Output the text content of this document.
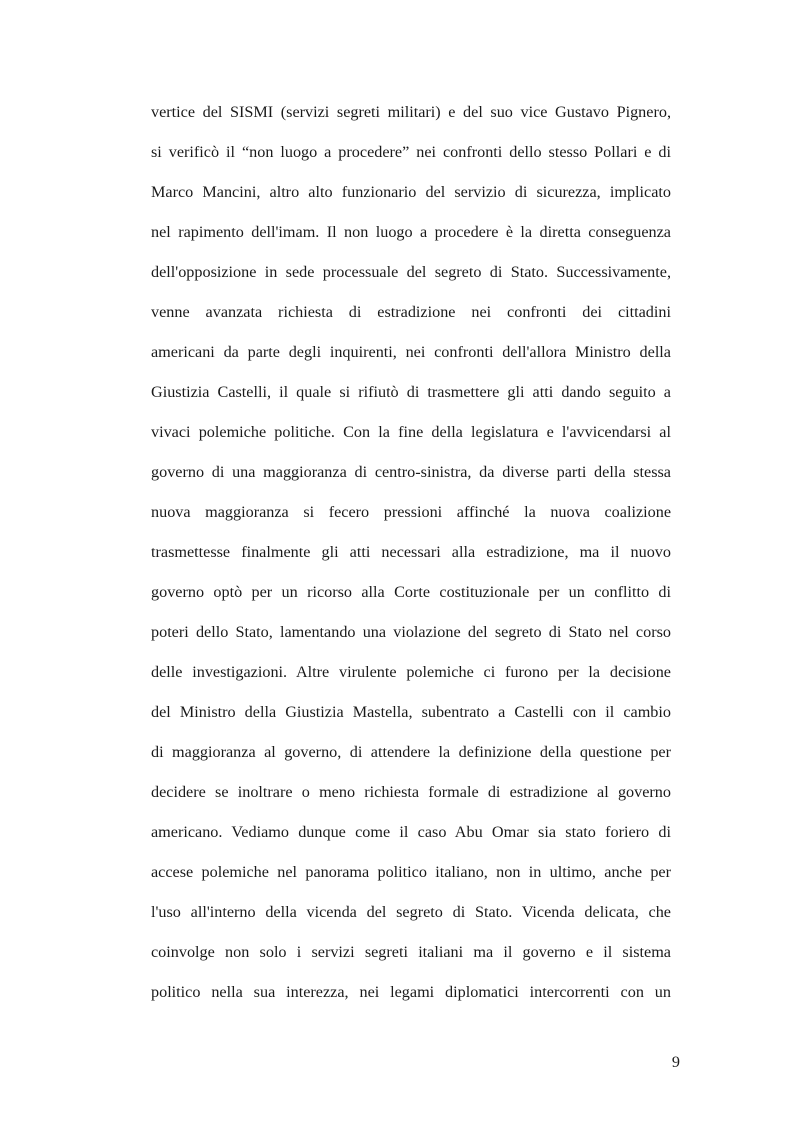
vertice del SISMI (servizi segreti militari) e del suo vice Gustavo Pignero,
si verificò il “non luogo a procedere” nei confronti dello stesso Pollari e di
Marco Mancini, altro alto funzionario del servizio di sicurezza, implicato
nel rapimento dell'imam. Il non luogo a procedere è la diretta conseguenza
dell'opposizione in sede processuale del segreto di Stato. Successivamente,
venne avanzata richiesta di estradizione nei confronti dei cittadini
americani da parte degli inquirenti, nei confronti dell'allora Ministro della
Giustizia Castelli, il quale si rifiutò di trasmettere gli atti dando seguito a
vivaci polemiche politiche. Con la fine della legislatura e l'avvicendarsi al
governo di una maggioranza di centro-sinistra, da diverse parti della stessa
nuova maggioranza si fecero pressioni affinché la nuova coalizione
trasmettesse finalmente gli atti necessari alla estradizione, ma il nuovo
governo optò per un ricorso alla Corte costituzionale per un conflitto di
poteri dello Stato, lamentando una violazione del segreto di Stato nel corso
delle investigazioni. Altre virulente polemiche ci furono per la decisione
del Ministro della Giustizia Mastella, subentrato a Castelli con il cambio
di maggioranza al governo, di attendere la definizione della questione per
decidere se inoltrare o meno richiesta formale di estradizione al governo
americano. Vediamo dunque come il caso Abu Omar sia stato foriero di
accese polemiche nel panorama politico italiano, non in ultimo, anche per
l'uso all'interno della vicenda del segreto di Stato. Vicenda delicata, che
coinvolge non solo i servizi segreti italiani ma il governo e il sistema
politico nella sua interezza, nei legami diplomatici intercorrenti con un
9
